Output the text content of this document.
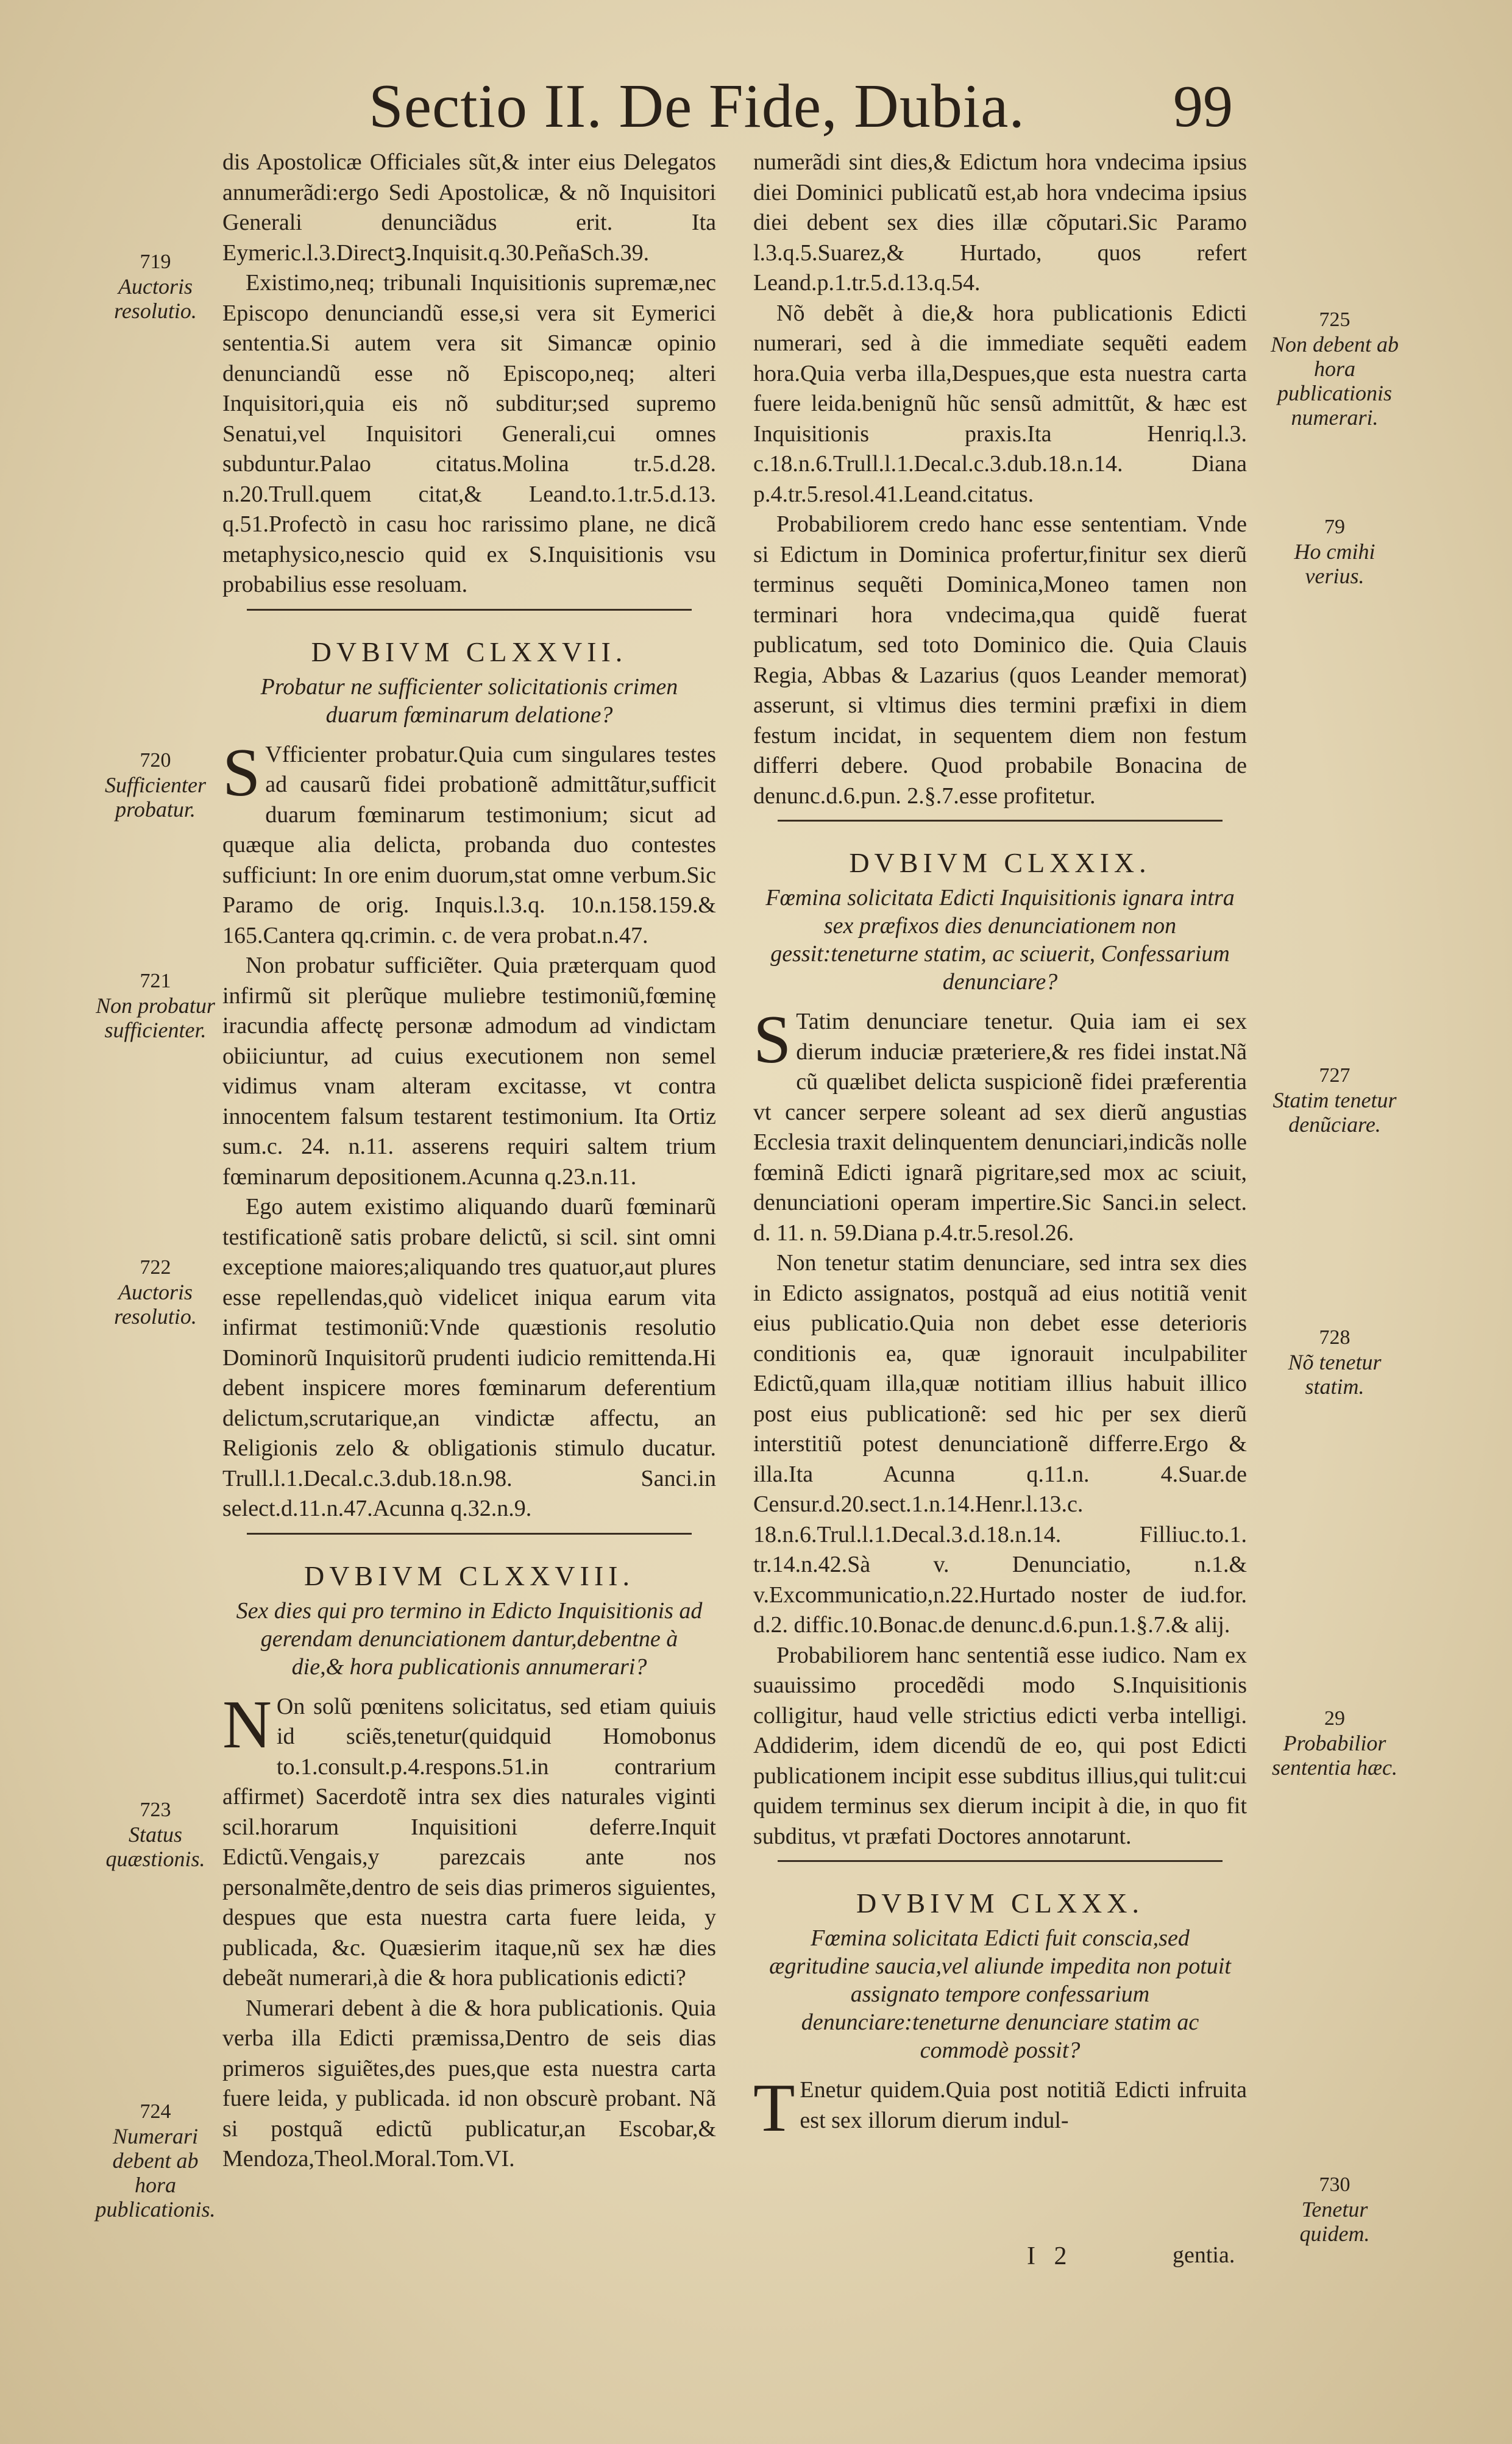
Sectio II. De Fide, Dubia. 99

dis Apostolicæ Officiales sũt,& inter eius Delegatos annumerãdi:ergo Sedi Apostolicæ, & nõ Inquisitori Generali denunciãdus erit. Ita Eymeric.l.3.Directꝫ.Inquisit.q.30.PeñaSch.39.

Existimo,neq; tribunali Inquisitionis supremæ,nec Episcopo denunciandũ esse,si vera sit Eymerici sententia.Si autem vera sit Simancæ opinio denunciandũ esse nõ Episcopo,neq; alteri Inquisitori,quia eis nõ subditur;sed supremo Senatui,vel Inquisitori Generali,cui omnes subduntur.Palao citatus.Molina tr.5.d.28. n.20.Trull.quem citat,& Leand.to.1.tr.5.d.13. q.51.Profectò in casu hoc rarissimo plane, ne dicã metaphysico,nescio quid ex S.Inquisitionis vsu probabilius esse resoluam.

DVBIVM CLXXVII.
Probatur ne sufficienter solicitationis crimen duarum fœminarum delatione?

S Vfficienter probatur.Quia cum singulares testes ad causarũ fidei probationẽ admittãtur,sufficit duarum fœminarum testimonium; sicut ad quæque alia delicta, probanda duo contestes sufficiunt: In ore enim duorum,stat omne verbum.Sic Paramo de orig. Inquis.l.3.q. 10.n.158.159.& 165.Cantera qq.crimin. c. de vera probat.n.47.

Non probatur sufficiẽter. Quia præterquam quod infirmũ sit plerũque muliebre testimoniũ,fœminę iracundia affectę personæ admodum ad vindictam obiiciuntur, ad cuius executionem non semel vidimus vnam alteram excitasse, vt contra innocentem falsum testarent testimonium. Ita Ortiz sum.c. 24. n.11. asserens requiri saltem trium fœminarum depositionem.Acunna q.23.n.11.

Ego autem existimo aliquando duarũ fœminarũ testificationẽ satis probare delictũ, si scil. sint omni exceptione maiores;aliquando tres quatuor,aut plures esse repellendas,quò videlicet iniqua earum vita infirmat testimoniũ:Vnde quæstionis resolutio Dominorũ Inquisitorũ prudenti iudicio remittenda.Hi debent inspicere mores fœminarum deferentium delictum,scrutarique,an vindictæ affectu, an Religionis zelo & obligationis stimulo ducatur. Trull.l.1.Decal.c.3.dub.18.n.98. Sanci.in select.d.11.n.47.Acunna q.32.n.9.

DVBIVM CLXXVIII.
Sex dies qui pro termino in Edicto Inquisitionis ad gerendam denunciationem dantur,debentne à die,& hora publicationis annumerari?

N On solũ pœnitens solicitatus, sed etiam quiuis id sciẽs,tenetur(quidquid Homobonus to.1.consult.p.4.respons.51.in contrarium affirmet) Sacerdotẽ intra sex dies naturales viginti scil.horarum Inquisitioni deferre.Inquit Edictũ.Vengais,y parezcais ante nos personalmẽte,dentro de seis dias primeros siguientes, despues que esta nuestra carta fuere leida, y publicada, &c. Quæsierim itaque,nũ sex hæ dies debeãt numerari,à die & hora publicationis edicti?

Numerari debent à die & hora publicationis. Quia verba illa Edicti præmissa,Dentro de seis dias primeros siguiẽtes,des pues,que esta nuestra carta fuere leida, y publicada. id non obscurè probant. Nã si postquã edictũ publicatur,an Escobar,& Mendoza,Theol.Moral.Tom.VI.

numerãdi sint dies,& Edictum hora vndecima ipsius diei Dominici publicatũ est,ab hora vndecima ipsius diei debent sex dies illæ cõputari.Sic Paramo l.3.q.5.Suarez,& Hurtado, quos refert Leand.p.1.tr.5.d.13.q.54.

Nõ debẽt à die,& hora publicationis Edicti numerari, sed à die immediate sequẽti eadem hora.Quia verba illa,Despues,que esta nuestra carta fuere leida.benignũ hũc sensũ admittũt, & hæc est Inquisitionis praxis.Ita Henriq.l.3. c.18.n.6.Trull.l.1.Decal.c.3.dub.18.n.14. Diana p.4.tr.5.resol.41.Leand.citatus.

Probabiliorem credo hanc esse sententiam. Vnde si Edictum in Dominica profertur,finitur sex dierũ terminus sequẽti Dominica,Moneo tamen non terminari hora vndecima,qua quidẽ fuerat publicatum, sed toto Dominico die. Quia Clauis Regia, Abbas & Lazarius (quos Leander memorat) asserunt, si vltimus dies termini præfixi in diem festum incidat, in sequentem diem non festum differri debere. Quod probabile Bonacina de denunc.d.6.pun. 2.§.7.esse profitetur.

DVBIVM CLXXIX.
Fœmina solicitata Edicti Inquisitionis ignara intra sex præfixos dies denunciationem non gessit:teneturne statim, ac sciuerit, Confessarium denunciare?

S Tatim denunciare tenetur. Quia iam ei sex dierum induciæ præteriere,& res fidei instat.Nã cũ quælibet delicta suspicionẽ fidei præferentia vt cancer serpere soleant ad sex dierũ angustias Ecclesia traxit delinquentem denunciari,indicãs nolle fœminã Edicti ignarã pigritare,sed mox ac sciuit, denunciationi operam impertire.Sic Sanci.in select. d. 11. n. 59.Diana p.4.tr.5.resol.26.

Non tenetur statim denunciare, sed intra sex dies in Edicto assignatos, postquã ad eius notitiã venit eius publicatio.Quia non debet esse deterioris conditionis ea, quæ ignorauit inculpabiliter Edictũ,quam illa,quæ notitiam illius habuit illico post eius publicationẽ: sed hic per sex dierũ interstitiũ potest denunciationẽ differre.Ergo & illa.Ita Acunna q.11.n. 4.Suar.de Censur.d.20.sect.1.n.14.Henr.l.13.c. 18.n.6.Trul.l.1.Decal.3.d.18.n.14. Filliuc.to.1. tr.14.n.42.Sà v. Denunciatio, n.1.& v.Excommunicatio,n.22.Hurtado noster de iud.for. d.2. diffic.10.Bonac.de denunc.d.6.pun.1.§.7.& alij.

Probabiliorem hanc sententiã esse iudico. Nam ex suauissimo procedẽdi modo S.Inquisitionis colligitur, haud velle strictius edicti verba intelligi. Addiderim, idem dicendũ de eo, qui post Edicti publicationem incipit esse subditus illius,qui tulit:cui quidem terminus sex dierum incipit à die, in quo fit subditus, vt præfati Doctores annotarunt.

DVBIVM CLXXX.
Fœmina solicitata Edicti fuit conscia,sed ægritudine saucia,vel aliunde impedita non potuit assignato tempore confessarium denunciare:teneturne denunciare statim ac commodè possit?

T Enetur quidem.Quia post notitiã Edicti infruita est sex illorum dierum indul-

719
Auctoris resolutio.
720
Sufficienter probatur.
721
Non probatur sufficienter.
722
Auctoris resolutio.
723
Status quæstionis.
724
Numerari debent ab hora publicationis.
725
Non debent ab hora publicationis numerari.
79
Ho cmihi verius.
727
Statim tenetur denũciare.
728
Nõ tenetur statim.
29
Probabilior sententia hæc.
730
Tenetur quidem.
I 2	gentia.
